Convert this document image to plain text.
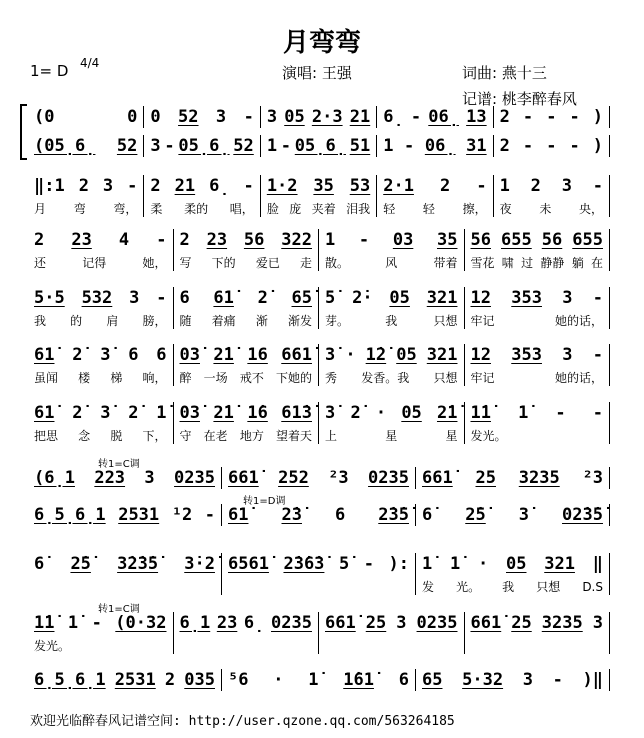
月弯弯
1= D 4/4
演唱: 王强	词曲: 燕十三
记谱: 桃李醉春风
(0	0 0 52 3 - 3 05 2·3 21 6̣ - 06̣ 13 2 - - - )
(05̣6̣ 52 3 - 05̣6̣ 52 1 - 05̣6̣ 51 1 - 06̣ 31 2 - - - )
‖:1 2 3 -
月 弯 弯，
2 21 6̣ -
柔 柔的 唱，
1·2 35 53
脸 庞 夹着 泪我
2·1 2 -
轻 轻 擦，
1 2 3 -
夜 未 央，
2 23 4 -
还	记得	她，
2 23 56 322
写 下的 爱已 走
1 - 03 35
散。	风	带着
56 655 56 655
雪花 啸 过 静静 躺 在
5·5 532 3 -
我 的 肩 膀，
6 61̇ 2̇ 65̇
随 着痛 渐 渐发
5̇ 2̇· 05 321
芽。	我	只想
12 353 3 -
牢记	她的话，
61̇ 2̇ 3̇ 6 6
虽闻 楼 梯 响，
03̇ 2̇1̇ 16 661̇
醉 一场 戒不 下她的
3̇ · 1̇2̇ 05 321
秀 发香。我 只想
12 353 3 -
牢记	她的话，
61̇ 2̇ 3̇ 2̇ 1̇
把思 念 脱 下，
03̇ 2̇1̇ 1̇6 61̇3̇
守 在老 地方 望着天
3̇ 2̇ · 05 2̇1̇
上	星	星
1̇1̇ 1̇ - -
发光。
转1=C调
(6̣1 223 3 0235 661̇ 252 ²3 0235 661̇ 25 3235 ²3
转1=D调
6̣5̣6̣1 2531 ¹2 - 61̇ 2̇3̇ 6 2̇3̇5̇ 6̇ 2̇5̇ 3̇ 02̇3̇5̇
6̇ 2̇5̇ 3̇2̇3̇5̇ 3̇·2̇ 6561̇ 2̇3̇6̇3̇ 5̇ - ): 1̇ 1̇ · 05 321 ‖
发 光。 我 只想 D.S
转1=C调
1̇1̇ 1̇ - (0·32
发光。
6̣1 23 6̣ 0235 661̇ 25 3 0235 661̇ 25 3235 3
6̣5̣6̣1 2531 2 035 ⁵6 · 1̇ 1̇61̇ 6 65 5·32 3 - )‖
欢迎光临醉春风记谱空间: http://user.qzone.qq.com/563264185
